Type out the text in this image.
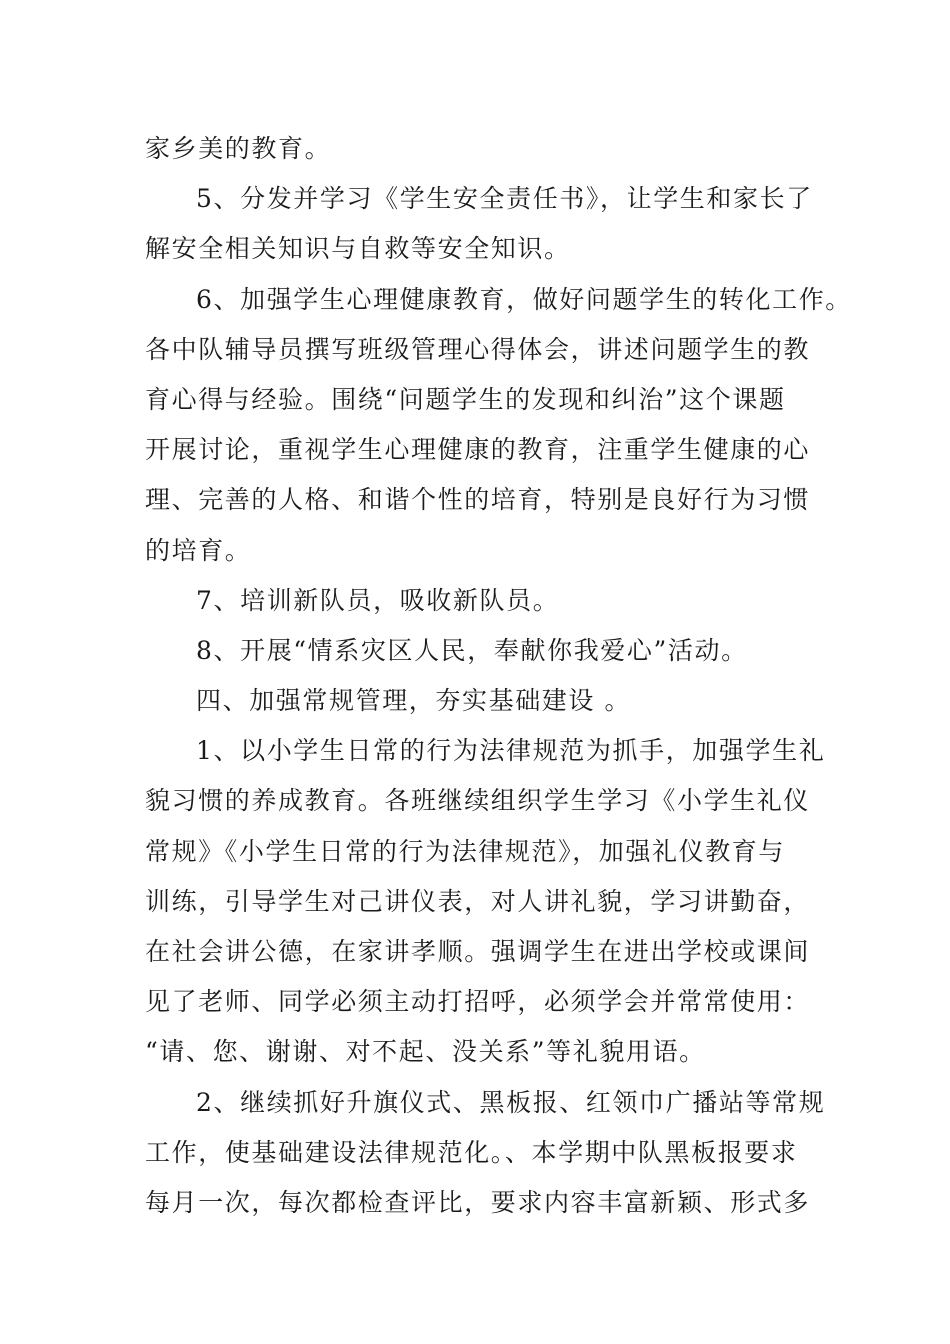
家乡美的教育。
5、分发并学习《学生安全责任书》，让学生和家长了
解安全相关知识与自救等安全知识。
6、加强学生心理健康教育，做好问题学生的转化工作。
各中队辅导员撰写班级管理心得体会，讲述问题学生的教
育心得与经验。围绕“问题学生的发现和纠治”这个课题
开展讨论，重视学生心理健康的教育，注重学生健康的心
理、完善的人格、和谐个性的培育，特别是良好行为习惯
的培育。
7、培训新队员，吸收新队员。
8、开展“情系灾区人民，奉献你我爱心”活动。
四、加强常规管理，夯实基础建设 。
1、以小学生日常的行为法律规范为抓手，加强学生礼
貌习惯的养成教育。各班继续组织学生学习《小学生礼仪
常规》《小学生日常的行为法律规范》，加强礼仪教育与
训练，引导学生对己讲仪表，对人讲礼貌，学习讲勤奋，
在社会讲公德，在家讲孝顺。强调学生在进出学校或课间
见了老师、同学必须主动打招呼，必须学会并常常使用：
“请、您、谢谢、对不起、没关系”等礼貌用语。
2、继续抓好升旗仪式、黑板报、红领巾广播站等常规
工作，使基础建设法律规范化。、本学期中队黑板报要求
每月一次，每次都检查评比，要求内容丰富新颖、形式多
